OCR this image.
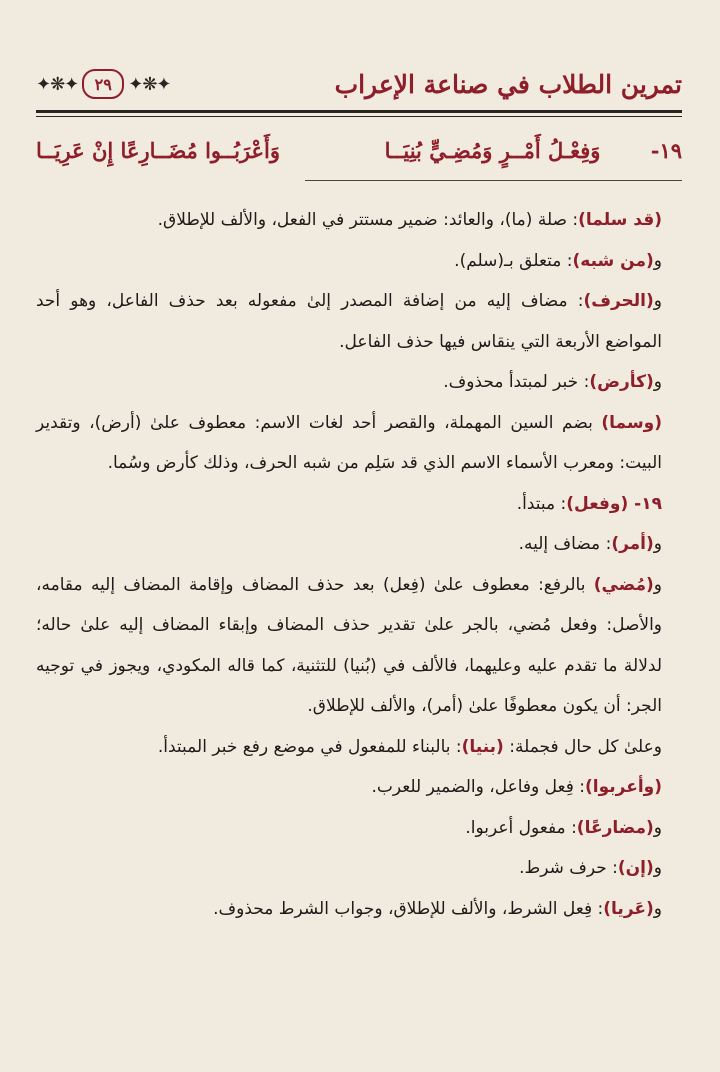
تمرين الطلاب في صناعة الإعراب
✦❋✦	٢٩ ✦❋✦
١٩-
وَفِعْـلُ أَمْــرٍ وَمُضِـيٍّ بُنِيَــا
وَأَعْرَبُــوا مُضَــارِعًا إِنْ عَرِيَــا

(قد سلما): صلة (ما)، والعائد: ضمير مستتر في الفعل، والألف للإطلاق.

و(من شبه): متعلق بـ(سلم).

و(الحرف): مضاف إليه من إضافة المصدر إلىٰ مفعوله بعد حذف الفاعل، وهو أحد المواضع الأربعة التي ينقاس فيها حذف الفاعل.

و(كأرض): خبر لمبتدأ محذوف.

(وسما) بضم السين المهملة، والقصر أحد لغات الاسم: معطوف علىٰ (أرض)، وتقدير البيت: ومعرب الأسماء الاسم الذي قد سَلِم من شبه الحرف، وذلك كأرض وسُما.

١٩- (وفعل): مبتدأ.

و(أمر): مضاف إليه.

و(مُضي) بالرفع: معطوف علىٰ (فِعل) بعد حذف المضاف وإقامة المضاف إليه مقامه، والأصل: وفعل مُضي، بالجر علىٰ تقدير حذف المضاف وإبقاء المضاف إليه علىٰ حاله؛ لدلالة ما تقدم عليه وعليهما، فالألف في (بُنيا) للتثنية، كما قاله المكودي، ويجوز في توجيه الجر: أن يكون معطوفًا علىٰ (أمر)، والألف للإطلاق.

وعلىٰ كل حال فجملة: (بنيا): بالبناء للمفعول في موضع رفع خبر المبتدأ.

(وأعربوا): فِعل وفاعل، والضمير للعرب.

و(مضارعًا): مفعول أعربوا.

و(إن): حرف شرط.

و(عَريا): فِعل الشرط، والألف للإطلاق، وجواب الشرط محذوف.
